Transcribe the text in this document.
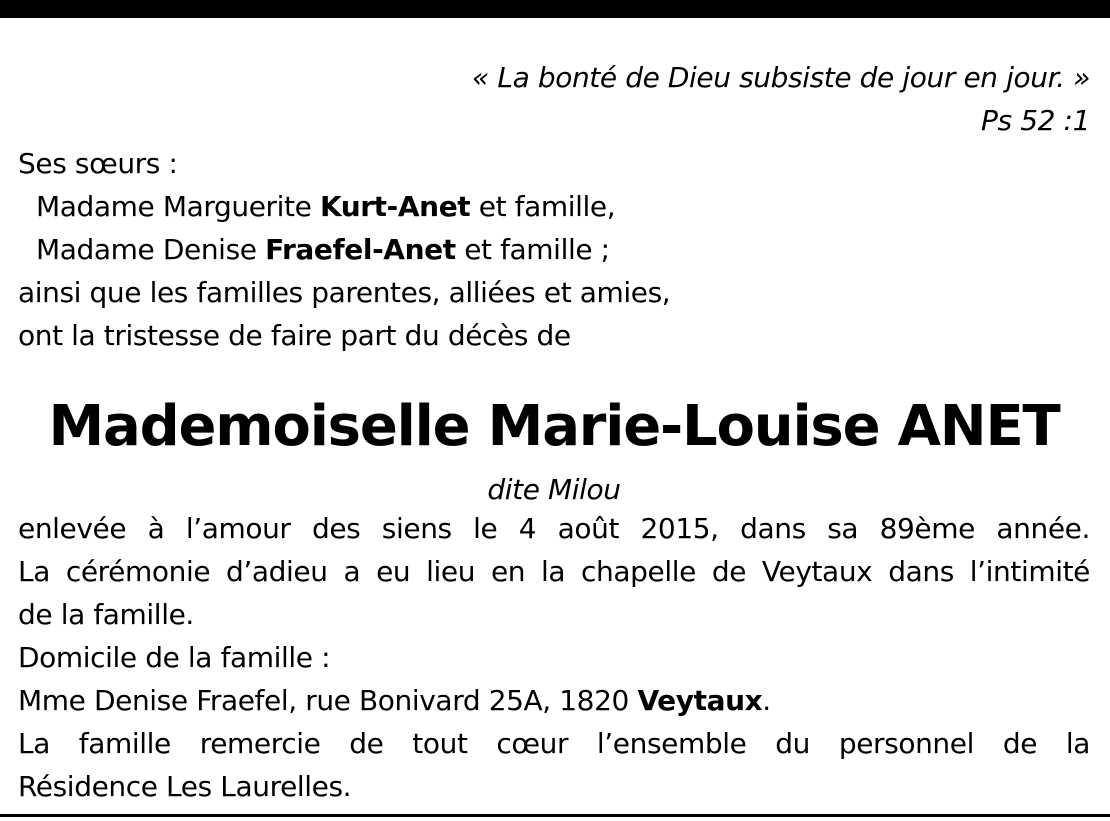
« La bonté de Dieu subsiste de jour en jour. »
Ps 52 :1
Ses sœurs :
Madame Marguerite Kurt-Anet et famille,
Madame Denise Fraefel-Anet et famille ;
ainsi que les familles parentes, alliées et amies,
ont la tristesse de faire part du décès de
Mademoiselle Marie-Louise ANET
dite Milou
enlevée à l’amour des siens le 4 août 2015, dans sa 89ème année.
La cérémonie d’adieu a eu lieu en la chapelle de Veytaux dans l’intimité
de la famille.
Domicile de la famille :
Mme Denise Fraefel, rue Bonivard 25A, 1820 Veytaux.
La famille remercie de tout cœur l’ensemble du personnel de la
Résidence Les Laurelles.
